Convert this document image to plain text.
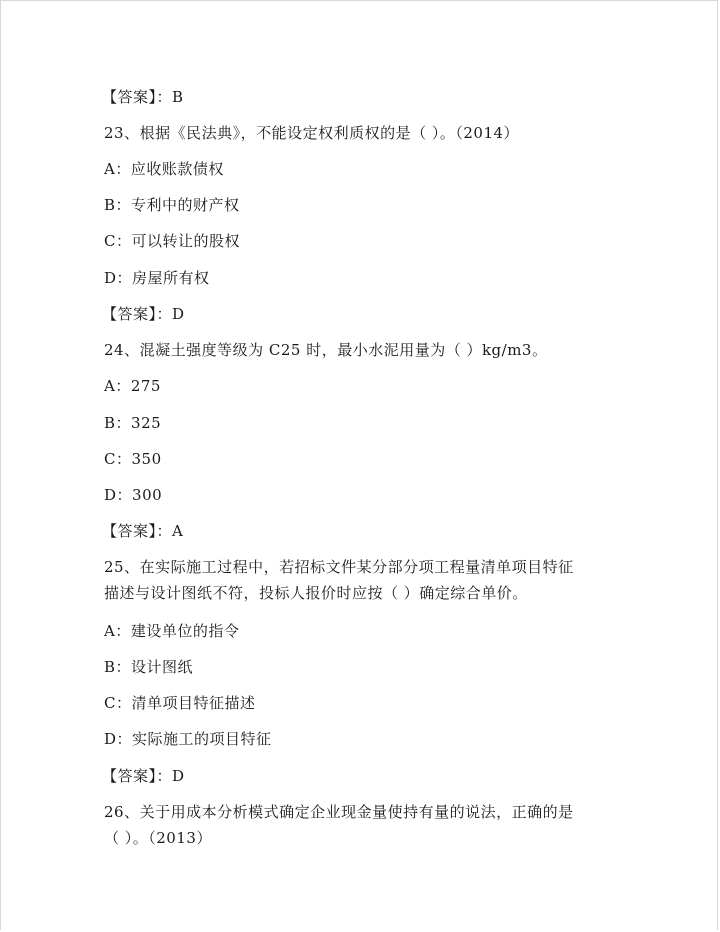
【答案】：B
23、根据《民法典》，不能设定权利质权的是（ ）。（2014）
A：应收账款债权
B：专利中的财产权
C：可以转让的股权
D：房屋所有权
【答案】：D
24、混凝土强度等级为 C25 时，最小水泥用量为（ ）kg/m3。
A：275
B：325
C：350
D：300
【答案】：A
25、在实际施工过程中，若招标文件某分部分项工程量清单项目特征
描述与设计图纸不符，投标人报价时应按（ ）确定综合单价。
A：建设单位的指令
B：设计图纸
C：清单项目特征描述
D：实际施工的项目特征
【答案】：D
26、关于用成本分析模式确定企业现金量使持有量的说法，正确的是
（ ）。（2013）
